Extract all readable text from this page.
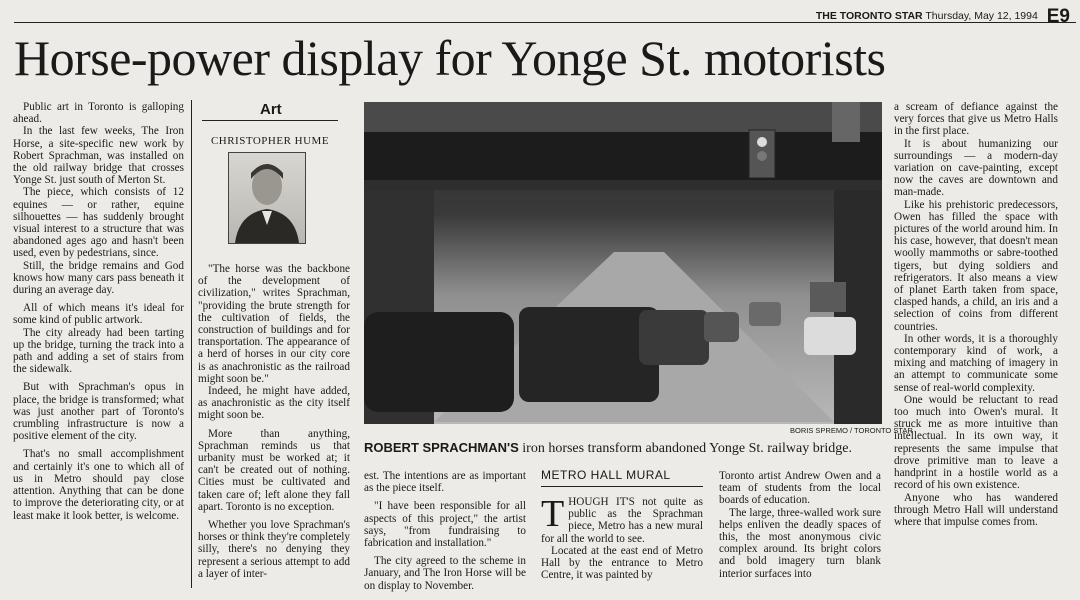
THE TORONTO STAR Thursday, May 12, 1994 E9
Horse-power display for Yonge St. motorists

Public art in Toronto is galloping ahead.

In the last few weeks, The Iron Horse, a site-specific new work by Robert Sprachman, was installed on the old railway bridge that crosses Yonge St. just south of Merton St.

The piece, which consists of 12 equines — or rather, equine silhouettes — has suddenly brought visual interest to a structure that was abandoned ages ago and hasn't been used, even by pedestrians, since.

Still, the bridge remains and God knows how many cars pass beneath it during an average day.

All of which means it's ideal for some kind of public artwork.

The city already had been tarting up the bridge, turning the track into a path and adding a set of stairs from the sidewalk.

But with Sprachman's opus in place, the bridge is transformed; what was just another part of Toronto's crumbling infrastructure is now a positive element of the city.

That's no small accomplishment and certainly it's one to which all of us in Metro should pay close attention. Anything that can be done to improve the deteriorating city, or at least make it look better, is welcome.

Art
CHRISTOPHER HUME

"The horse was the backbone of the development of civilization," writes Sprachman, "providing the brute strength for the cultivation of fields, the construction of buildings and for transportation. The appearance of a herd of horses in our city core is as anachronistic as the railroad might soon be."

Indeed, he might have added, as anachronistic as the city itself might soon be.

More than anything, Sprachman reminds us that urbanity must be worked at; it can't be created out of nothing. Cities must be cultivated and taken care of; left alone they fall apart. Toronto is no exception.

Whether you love Sprachman's horses or think they're completely silly, there's no denying they represent a serious attempt to add a layer of inter-

BORIS SPREMO / TORONTO STAR
ROBERT SPRACHMAN'S iron horses transform abandoned Yonge St. railway bridge.

est. The intentions are as important as the piece itself.

"I have been responsible for all aspects of this project," the artist says, "from fundraising to fabrication and installation."

The city agreed to the scheme in January, and The Iron Horse will be on display to November.

METRO HALL MURAL

THOUGH IT'S not quite as public as the Sprachman piece, Metro has a new mural for all the world to see.

Located at the east end of Metro Hall by the entrance to Metro Centre, it was painted by

Toronto artist Andrew Owen and a team of students from the local boards of education.

The large, three-walled work sure helps enliven the deadly spaces of this, the most anonymous civic complex around. Its bright colors and bold imagery turn blank interior surfaces into

a scream of defiance against the very forces that give us Metro Halls in the first place.

It is about humanizing our surroundings — a modern-day variation on cave-painting, except now the caves are downtown and man-made.

Like his prehistoric predecessors, Owen has filled the space with pictures of the world around him. In his case, however, that doesn't mean woolly mammoths or sabre-toothed tigers, but dying soldiers and refrigerators. It also means a view of planet Earth taken from space, clasped hands, a child, an iris and a selection of coins from different countries.

In other words, it is a thoroughly contemporary kind of work, a mixing and matching of imagery in an attempt to communicate some sense of real-world complexity.

One would be reluctant to read too much into Owen's mural. It struck me as more intuitive than intellectual. In its own way, it represents the same impulse that drove primitive man to leave a handprint in a hostile world as a record of his own existence.

Anyone who has wandered through Metro Hall will understand where that impulse comes from.
